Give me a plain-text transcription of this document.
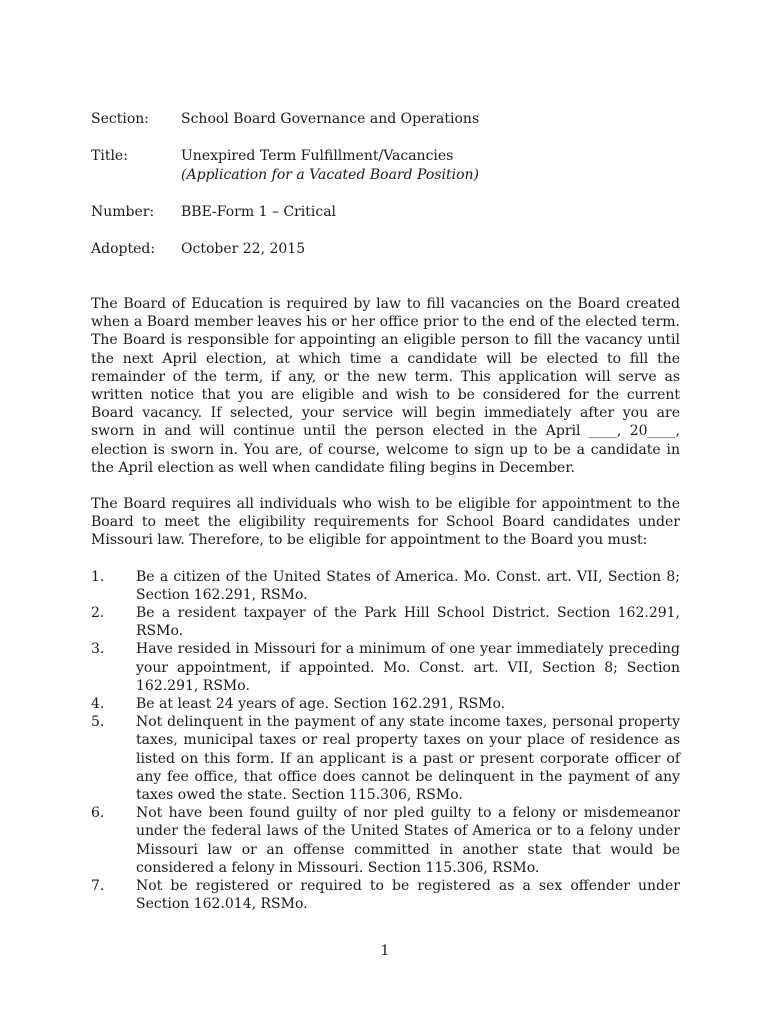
Section:	School Board Governance and Operations
Title:	Unexpired Term Fulfillment/Vacancies
(Application for a Vacated Board Position)
Number:	BBE-Form 1 – Critical
Adopted:	October 22, 2015

The Board of Education is required by law to fill vacancies on the Board created when a Board member leaves his or her office prior to the end of the elected term. The Board is responsible for appointing an eligible person to fill the vacancy until the next April election, at which time a candidate will be elected to fill the remainder of the term, if any, or the new term. This application will serve as written notice that you are eligible and wish to be considered for the current Board vacancy. If selected, your service will begin immediately after you are sworn in and will continue until the person elected in the April ____, 20____, election is sworn in. You are, of course, welcome to sign up to be a candidate in the April election as well when candidate filing begins in December.

The Board requires all individuals who wish to be eligible for appointment to the Board to meet the eligibility requirements for School Board candidates under Missouri law. Therefore, to be eligible for appointment to the Board you must:

1.	Be a citizen of the United States of America. Mo. Const. art. VII, Section 8; Section 162.291, RSMo.
2.	Be a resident taxpayer of the Park Hill School District. Section 162.291, RSMo.
3.	Have resided in Missouri for a minimum of one year immediately preceding your appointment, if appointed. Mo. Const. art. VII, Section 8; Section 162.291, RSMo.
4.	Be at least 24 years of age. Section 162.291, RSMo.
5.	Not delinquent in the payment of any state income taxes, personal property taxes, municipal taxes or real property taxes on your place of residence as listed on this form. If an applicant is a past or present corporate officer of any fee office, that office does cannot be delinquent in the payment of any taxes owed the state. Section 115.306, RSMo.
6.	Not have been found guilty of nor pled guilty to a felony or misdemeanor under the federal laws of the United States of America or to a felony under Missouri law or an offense committed in another state that would be considered a felony in Missouri. Section 115.306, RSMo.
7.	Not be registered or required to be registered as a sex offender under Section 162.014, RSMo.
1
